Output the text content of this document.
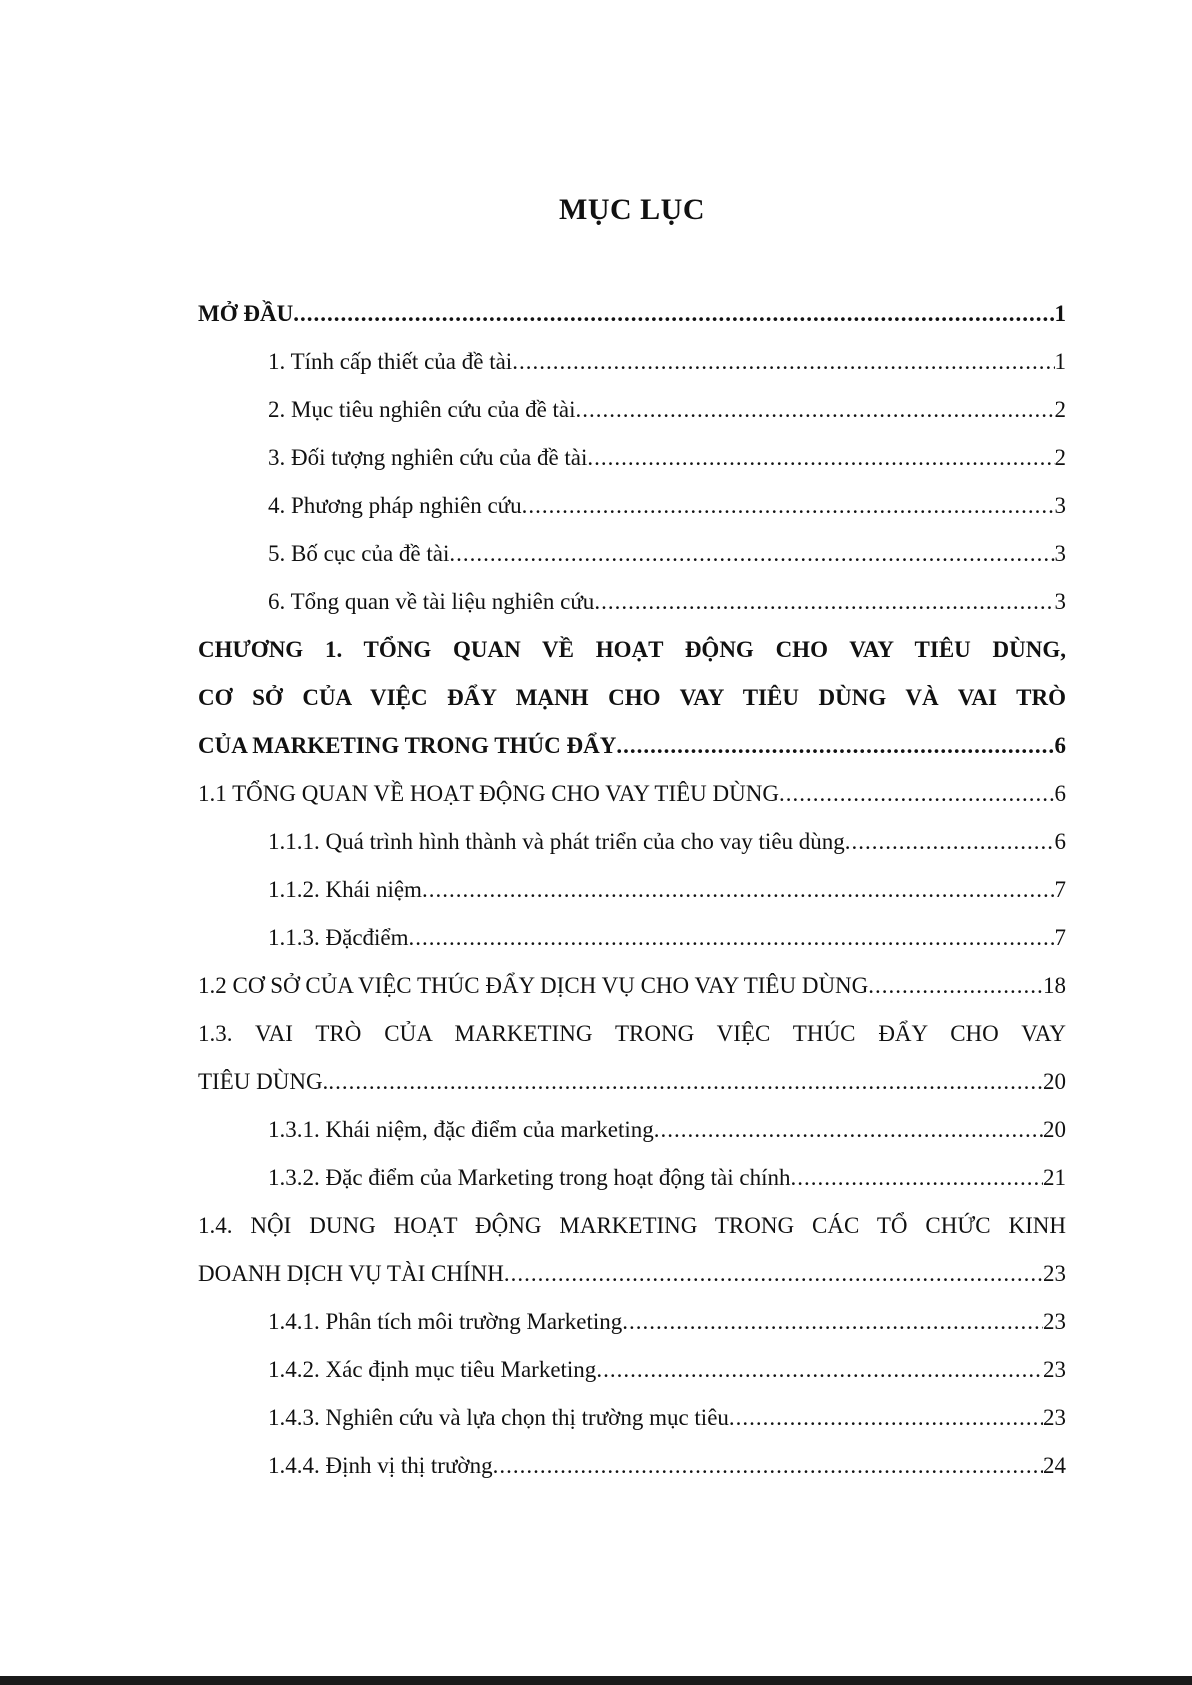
MỤC LỤC
MỞ ĐẦU .....	1
1. Tính cấp thiết của đề tài .....	1
2. Mục tiêu nghiên cứu của đề tài .....	2
3. Đối tượng nghiên cứu của đề tài .....	2
4. Phương pháp nghiên cứu .....	3
5. Bố cục của đề tài .....	3
6. Tổng quan về tài liệu nghiên cứu .....	3
CHƯƠNG 1. TỔNG QUAN VỀ HOẠT ĐỘNG CHO VAY TIÊU DÙNG,
CƠ SỞ CỦA VIỆC ĐẨY MẠNH CHO VAY TIÊU DÙNG VÀ VAI TRÒ
CỦA MARKETING TRONG THÚC ĐẨY .....	6
1.1 TỔNG QUAN VỀ HOẠT ĐỘNG CHO VAY TIÊU DÙNG .....	6
1.1.1. Quá trình hình thành và phát triển của cho vay tiêu dùng .....	6
1.1.2. Khái niệm .....	7
1.1.3. Đặcđiểm .....	7
1.2 CƠ SỞ CỦA VIỆC THÚC ĐẨY DỊCH VỤ CHO VAY TIÊU DÙNG .....	18
1.3. VAI TRÒ CỦA MARKETING TRONG VIỆC THÚC ĐẨY CHO VAY
TIÊU DÙNG. .....	20
1.3.1. Khái niệm, đặc điểm của marketing .....	20
1.3.2. Đặc điểm của Marketing trong hoạt động tài chính .....	21
1.4. NỘI DUNG HOẠT ĐỘNG MARKETING TRONG CÁC TỔ CHỨC KINH
DOANH DỊCH VỤ TÀI CHÍNH .....	23
1.4.1. Phân tích môi trường Marketing .....	23
1.4.2. Xác định mục tiêu Marketing .....	23
1.4.3. Nghiên cứu và lựa chọn thị trường mục tiêu .....	23
1.4.4. Định vị thị trường .....	24
